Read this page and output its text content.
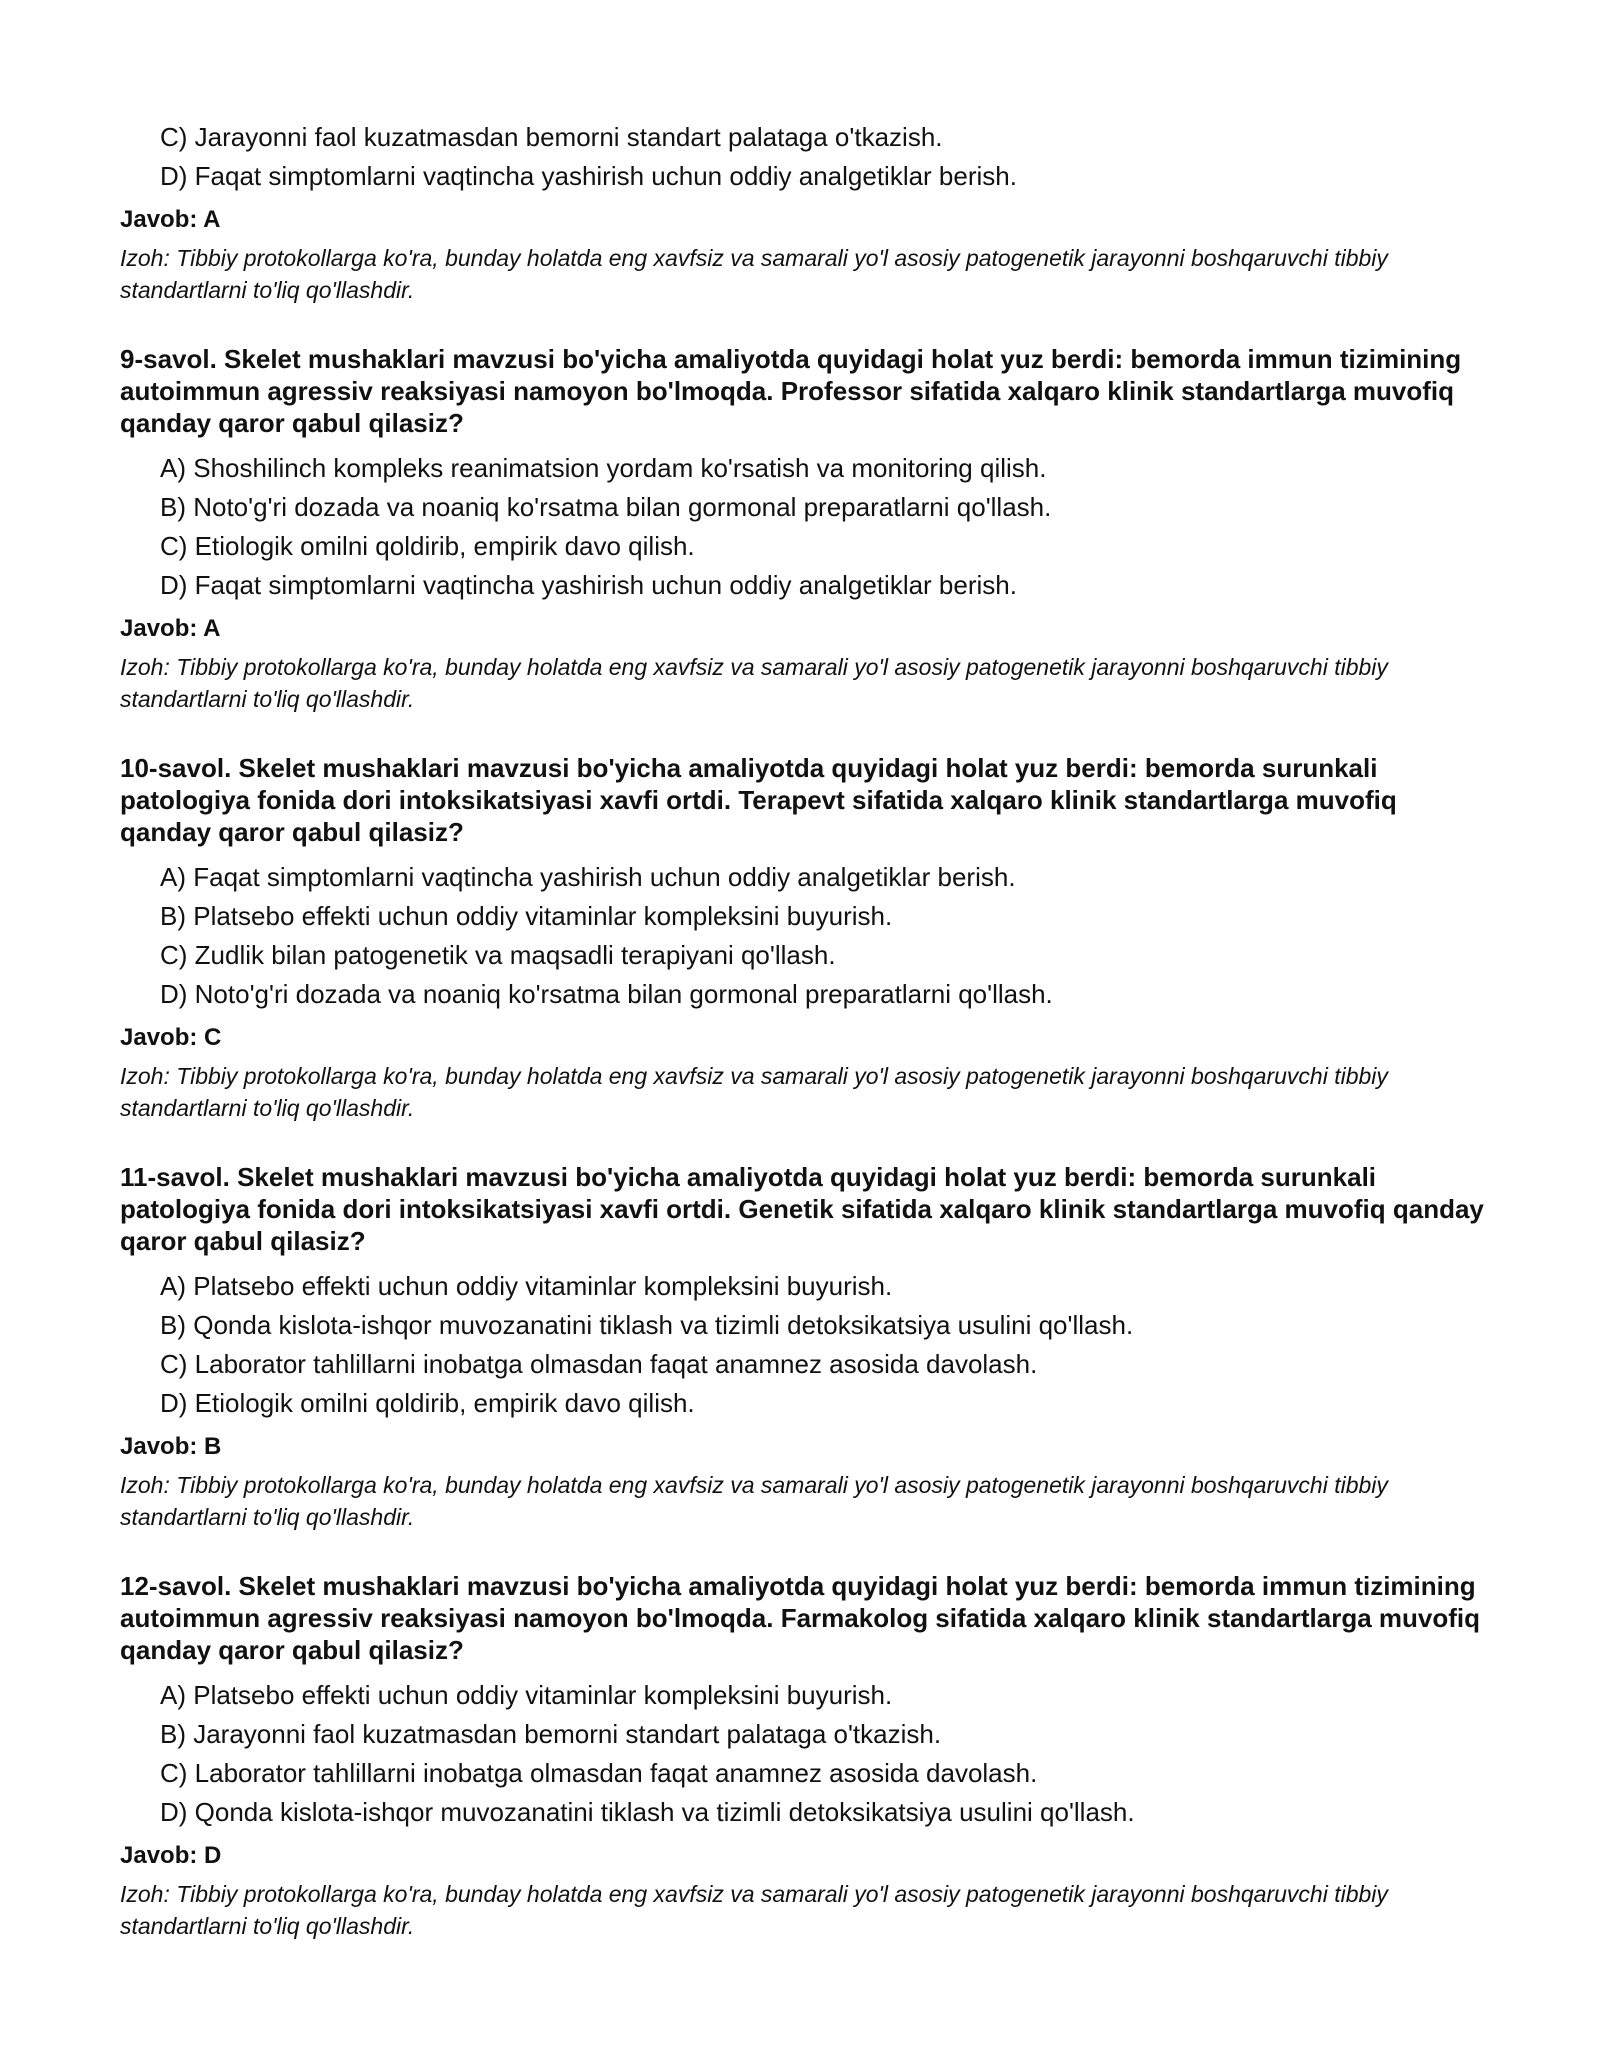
C) Jarayonni faol kuzatmasdan bemorni standart palataga o'tkazish.
D) Faqat simptomlarni vaqtincha yashirish uchun oddiy analgetiklar berish.
Javob: A
Izoh: Tibbiy protokollarga ko'ra, bunday holatda eng xavfsiz va samarali yo'l asosiy patogenetik jarayonni boshqaruvchi tibbiy standartlarni to'liq qo'llashdir.
9-savol. Skelet mushaklari mavzusi bo'yicha amaliyotda quyidagi holat yuz berdi: bemorda immun tizimining autoimmun agressiv reaksiyasi namoyon bo'lmoqda. Professor sifatida xalqaro klinik standartlarga muvofiq qanday qaror qabul qilasiz?
A) Shoshilinch kompleks reanimatsion yordam ko'rsatish va monitoring qilish.
B) Noto'g'ri dozada va noaniq ko'rsatma bilan gormonal preparatlarni qo'llash.
C) Etiologik omilni qoldirib, empirik davo qilish.
D) Faqat simptomlarni vaqtincha yashirish uchun oddiy analgetiklar berish.
Javob: A
Izoh: Tibbiy protokollarga ko'ra, bunday holatda eng xavfsiz va samarali yo'l asosiy patogenetik jarayonni boshqaruvchi tibbiy standartlarni to'liq qo'llashdir.
10-savol. Skelet mushaklari mavzusi bo'yicha amaliyotda quyidagi holat yuz berdi: bemorda surunkali patologiya fonida dori intoksikatsiyasi xavfi ortdi. Terapevt sifatida xalqaro klinik standartlarga muvofiq qanday qaror qabul qilasiz?
A) Faqat simptomlarni vaqtincha yashirish uchun oddiy analgetiklar berish.
B) Platsebo effekti uchun oddiy vitaminlar kompleksini buyurish.
C) Zudlik bilan patogenetik va maqsadli terapiyani qo'llash.
D) Noto'g'ri dozada va noaniq ko'rsatma bilan gormonal preparatlarni qo'llash.
Javob: C
Izoh: Tibbiy protokollarga ko'ra, bunday holatda eng xavfsiz va samarali yo'l asosiy patogenetik jarayonni boshqaruvchi tibbiy standartlarni to'liq qo'llashdir.
11-savol. Skelet mushaklari mavzusi bo'yicha amaliyotda quyidagi holat yuz berdi: bemorda surunkali patologiya fonida dori intoksikatsiyasi xavfi ortdi. Genetik sifatida xalqaro klinik standartlarga muvofiq qanday qaror qabul qilasiz?
A) Platsebo effekti uchun oddiy vitaminlar kompleksini buyurish.
B) Qonda kislota-ishqor muvozanatini tiklash va tizimli detoksikatsiya usulini qo'llash.
C) Laborator tahlillarni inobatga olmasdan faqat anamnez asosida davolash.
D) Etiologik omilni qoldirib, empirik davo qilish.
Javob: B
Izoh: Tibbiy protokollarga ko'ra, bunday holatda eng xavfsiz va samarali yo'l asosiy patogenetik jarayonni boshqaruvchi tibbiy standartlarni to'liq qo'llashdir.
12-savol. Skelet mushaklari mavzusi bo'yicha amaliyotda quyidagi holat yuz berdi: bemorda immun tizimining autoimmun agressiv reaksiyasi namoyon bo'lmoqda. Farmakolog sifatida xalqaro klinik standartlarga muvofiq qanday qaror qabul qilasiz?
A) Platsebo effekti uchun oddiy vitaminlar kompleksini buyurish.
B) Jarayonni faol kuzatmasdan bemorni standart palataga o'tkazish.
C) Laborator tahlillarni inobatga olmasdan faqat anamnez asosida davolash.
D) Qonda kislota-ishqor muvozanatini tiklash va tizimli detoksikatsiya usulini qo'llash.
Javob: D
Izoh: Tibbiy protokollarga ko'ra, bunday holatda eng xavfsiz va samarali yo'l asosiy patogenetik jarayonni boshqaruvchi tibbiy standartlarni to'liq qo'llashdir.
